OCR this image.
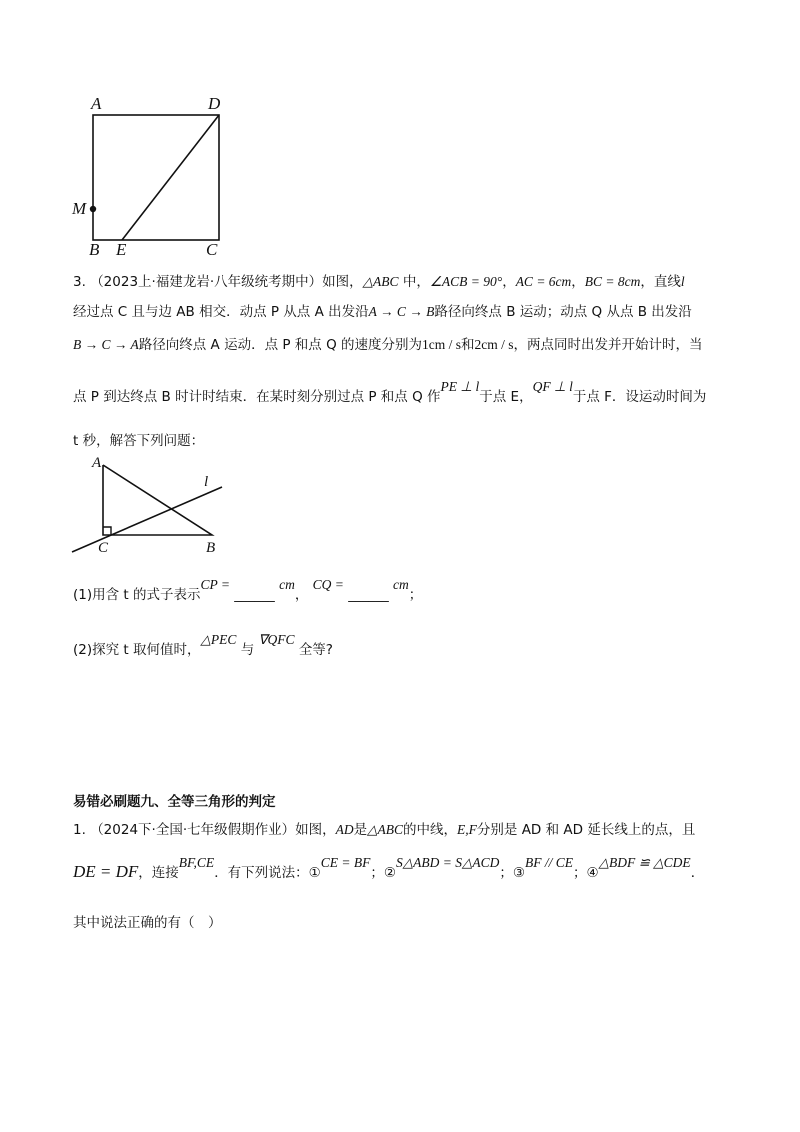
A	D
M
B E	C
3. （2023上·福建龙岩·八年级统考期中）如图，△ABC 中，∠ACB = 90°，AC = 6cm，BC = 8cm，直线l
经过点 C 且与边 AB 相交．动点 P 从点 A 出发沿A → C → B路径向终点 B 运动；动点 Q 从点 B 出发沿
B → C → A路径向终点 A 运动．点 P 和点 Q 的速度分别为1cm / s和2cm / s，两点同时出发并开始计时，当
点 P 到达终点 B 时计时结束．在某时刻分别过点 P 和点 Q 作PE ⊥ l于点 E，QF ⊥ l于点 F．设运动时间为
t 秒，解答下列问题：
A
l
C	B
(1)用含 t 的式子表示CP = ______ cm， CQ = ______ cm；
(2)探究 t 取何值时，△PEC 与 ∇QFC 全等?
易错必刷题九、全等三角形的判定
1. （2024下·全国·七年级假期作业）如图，AD是△ABC的中线，E,F分别是 AD 和 AD 延长线上的点，且
DE = DF，连接BF,CE．有下列说法：①CE = BF；②S△ABD = S△ACD；③BF // CE；④△BDF ≌ △CDE．
其中说法正确的有（　）
